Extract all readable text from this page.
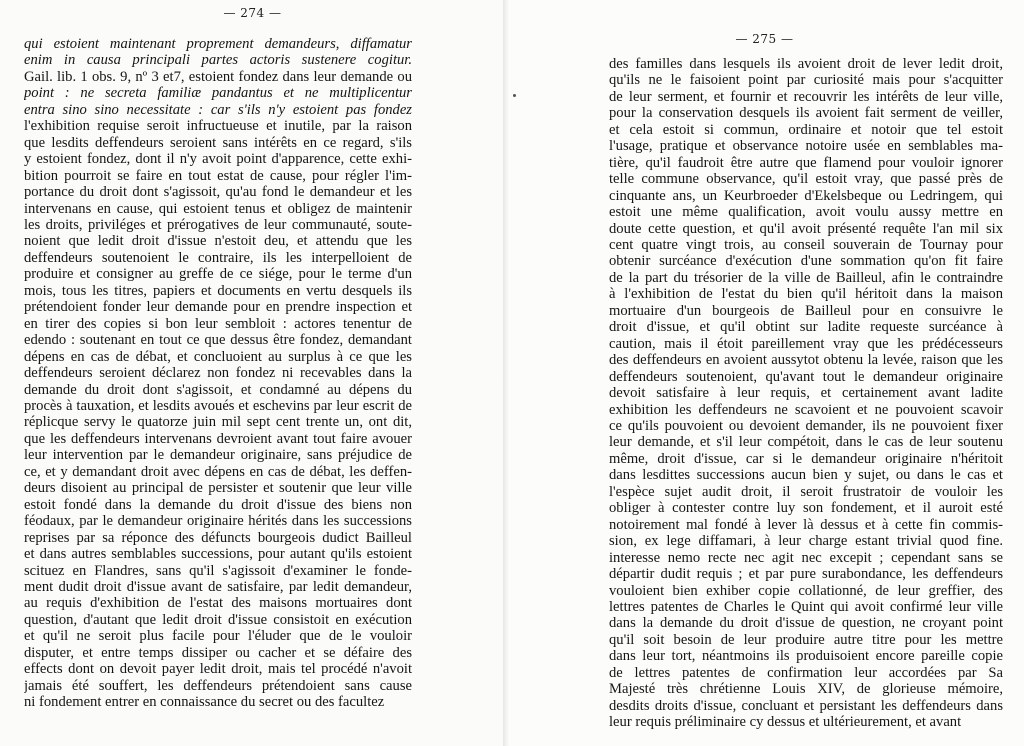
— 274 —
qui estoient maintenant proprement demandeurs, diffamatur
enim in causa principali partes actoris sustenere cogitur.
Gail. lib. 1 obs. 9, nº 3 et7, estoient fondez dans leur demande ou
point : ne secreta familiæ pandantus et ne multiplicentur
entra sino sino necessitate : car s'ils n'y estoient pas fondez
l'exhibition requise seroit infructueuse et inutile, par la raison
que lesdits deffendeurs seroient sans intérêts en ce regard, s'ils
y estoient fondez, dont il n'y avoit point d'apparence, cette exhi-
bition pourroit se faire en tout estat de cause, pour régler l'im-
portance du droit dont s'agissoit, qu'au fond le demandeur et les
intervenans en cause, qui estoient tenus et obligez de maintenir
les droits, priviléges et prérogatives de leur communauté, soute-
noient que ledit droit d'issue n'estoit deu, et attendu que les
deffendeurs soutenoient le contraire, ils les interpelloient de
produire et consigner au greffe de ce siége, pour le terme d'un
mois, tous les titres, papiers et documents en vertu desquels ils
prétendoient fonder leur demande pour en prendre inspection et
en tirer des copies si bon leur sembloit : actores tenentur de
edendo : soutenant en tout ce que dessus être fondez, demandant
dépens en cas de débat, et concluoient au surplus à ce que les
deffendeurs seroient déclarez non fondez ni recevables dans la
demande du droit dont s'agissoit, et condamné au dépens du
procès à tauxation, et lesdits avoués et eschevins par leur escrit de
réplicque servy le quatorze juin mil sept cent trente un, ont dit,
que les deffendeurs intervenans devroient avant tout faire avouer
leur intervention par le demandeur originaire, sans préjudice de
ce, et y demandant droit avec dépens en cas de débat, les deffen-
deurs disoient au principal de persister et soutenir que leur ville
estoit fondé dans la demande du droit d'issue des biens non
féodaux, par le demandeur originaire hérités dans les successions
reprises par sa réponce des défuncts bourgeois dudict Bailleul
et dans autres semblables successions, pour autant qu'ils estoient
scituez en Flandres, sans qu'il s'agissoit d'examiner le fonde-
ment dudit droit d'issue avant de satisfaire, par ledit demandeur,
au requis d'exhibition de l'estat des maisons mortuaires dont
question, d'autant que ledit droit d'issue consistoit en exécution
et qu'il ne seroit plus facile pour l'éluder que de le vouloir
disputer, et entre temps dissiper ou cacher et se défaire des
effects dont on devoit payer ledit droit, mais tel procédé n'avoit
jamais été souffert, les deffendeurs prétendoient sans cause
ni fondement entrer en connaissance du secret ou des facultez
— 275 —
des familles dans lesquels ils avoient droit de lever ledit droit,
qu'ils ne le faisoient point par curiosité mais pour s'acquitter
de leur serment, et fournir et recouvrir les intérêts de leur ville,
pour la conservation desquels ils avoient fait serment de veiller,
et cela estoit si commun, ordinaire et notoir que tel estoit
l'usage, pratique et observance notoire usée en semblables ma-
tière, qu'il faudroit être autre que flamend pour vouloir ignorer
telle commune observance, qu'il estoit vray, que passé près de
cinquante ans, un Keurbroeder d'Ekelsbeque ou Ledringem, qui
estoit une même qualification, avoit voulu aussy mettre en
doute cette question, et qu'il avoit présenté requête l'an mil six
cent quatre vingt trois, au conseil souverain de Tournay pour
obtenir surcéance d'exécution d'une sommation qu'on fit faire
de la part du trésorier de la ville de Bailleul, afin le contraindre
à l'exhibition de l'estat du bien qu'il héritoit dans la maison
mortuaire d'un bourgeois de Bailleul pour en consuivre le
droit d'issue, et qu'il obtint sur ladite requeste surcéance à
caution, mais il étoit pareillement vray que les prédécesseurs
des deffendeurs en avoient aussytot obtenu la levée, raison que les
deffendeurs soutenoient, qu'avant tout le demandeur originaire
devoit satisfaire à leur requis, et certainement avant ladite
exhibition les deffendeurs ne scavoient et ne pouvoient scavoir
ce qu'ils pouvoient ou devoient demander, ils ne pouvoient fixer
leur demande, et s'il leur compétoit, dans le cas de leur soutenu
même, droit d'issue, car si le demandeur originaire n'héritoit
dans lesdittes successions aucun bien y sujet, ou dans le cas et
l'espèce sujet audit droit, il seroit frustratoir de vouloir les
obliger à contester contre luy son fondement, et il auroit esté
notoirement mal fondé à lever là dessus et à cette fin commis-
sion, ex lege diffamari, à leur charge estant trivial quod fine.
interesse nemo recte nec agit nec excepit ; cependant sans se
départir dudit requis ; et par pure surabondance, les deffendeurs
vouloient bien exhiber copie collationné, de leur greffier, des
lettres patentes de Charles le Quint qui avoit confirmé leur ville
dans la demande du droit d'issue de question, ne croyant point
qu'il soit besoin de leur produire autre titre pour les mettre
dans leur tort, néantmoins ils produisoient encore pareille copie
de lettres patentes de confirmation leur accordées par Sa
Majesté très chrétienne Louis XIV, de glorieuse mémoire,
desdits droits d'issue, concluant et persistant les deffendeurs dans
leur requis préliminaire cy dessus et ultérieurement, et avant
